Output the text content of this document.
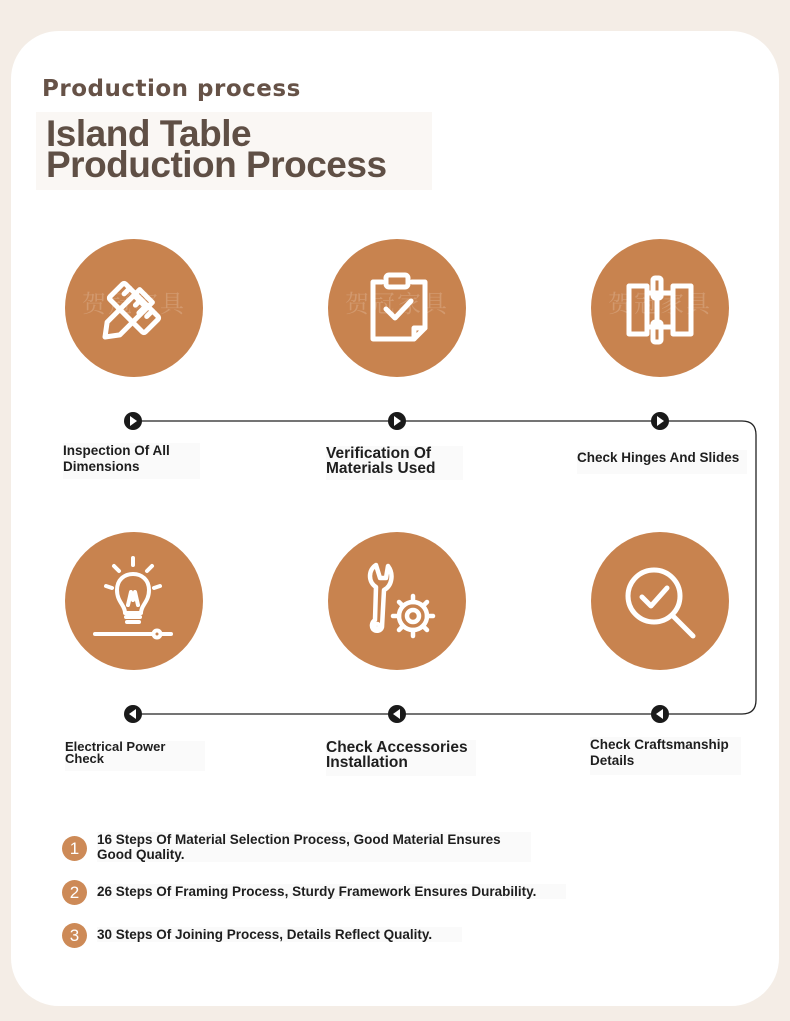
Production process
Island Table
Production Process
贺冠家具	贺冠家具	贺冠家具
Inspection Of All
Dimensions
Verification Of
Materials Used
Check Hinges And Slides
Electrical Power
Check
Check Accessories
Installation
Check Craftsmanship
Details
1	16 Steps Of Material Selection Process, Good Material Ensures
Good Quality.
2	26 Steps Of Framing Process, Sturdy Framework Ensures Durability.
3	30 Steps Of Joining Process, Details Reflect Quality.
